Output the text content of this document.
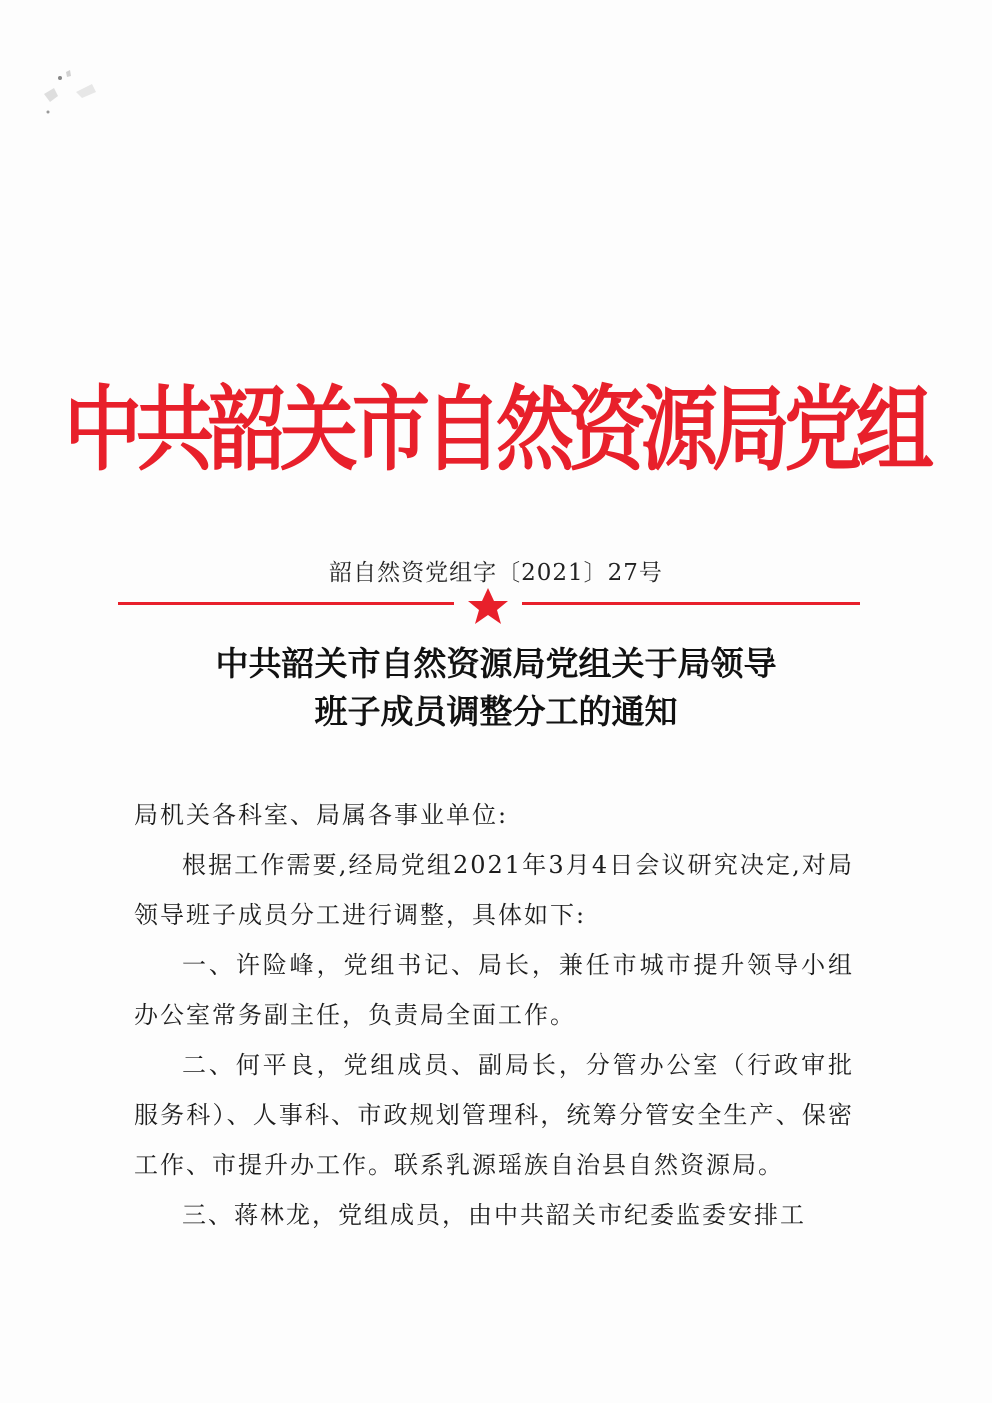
中共韶关市自然资源局党组
韶自然资党组字〔2021〕27号
中共韶关市自然资源局党组关于局领导
班子成员调整分工的通知

局机关各科室、局属各事业单位:

根据工作需要,经局党组2021年3月4日会议研究决定,对局领导班子成员分工进行调整，具体如下:

一、许险峰，党组书记、局长，兼任市城市提升领导小组办公室常务副主任，负责局全面工作。

二、何平良，党组成员、副局长，分管办公室（行政审批服务科）、人事科、市政规划管理科，统筹分管安全生产、保密工作、市提升办工作。联系乳源瑶族自治县自然资源局。

三、蒋林龙，党组成员，由中共韶关市纪委监委安排工
